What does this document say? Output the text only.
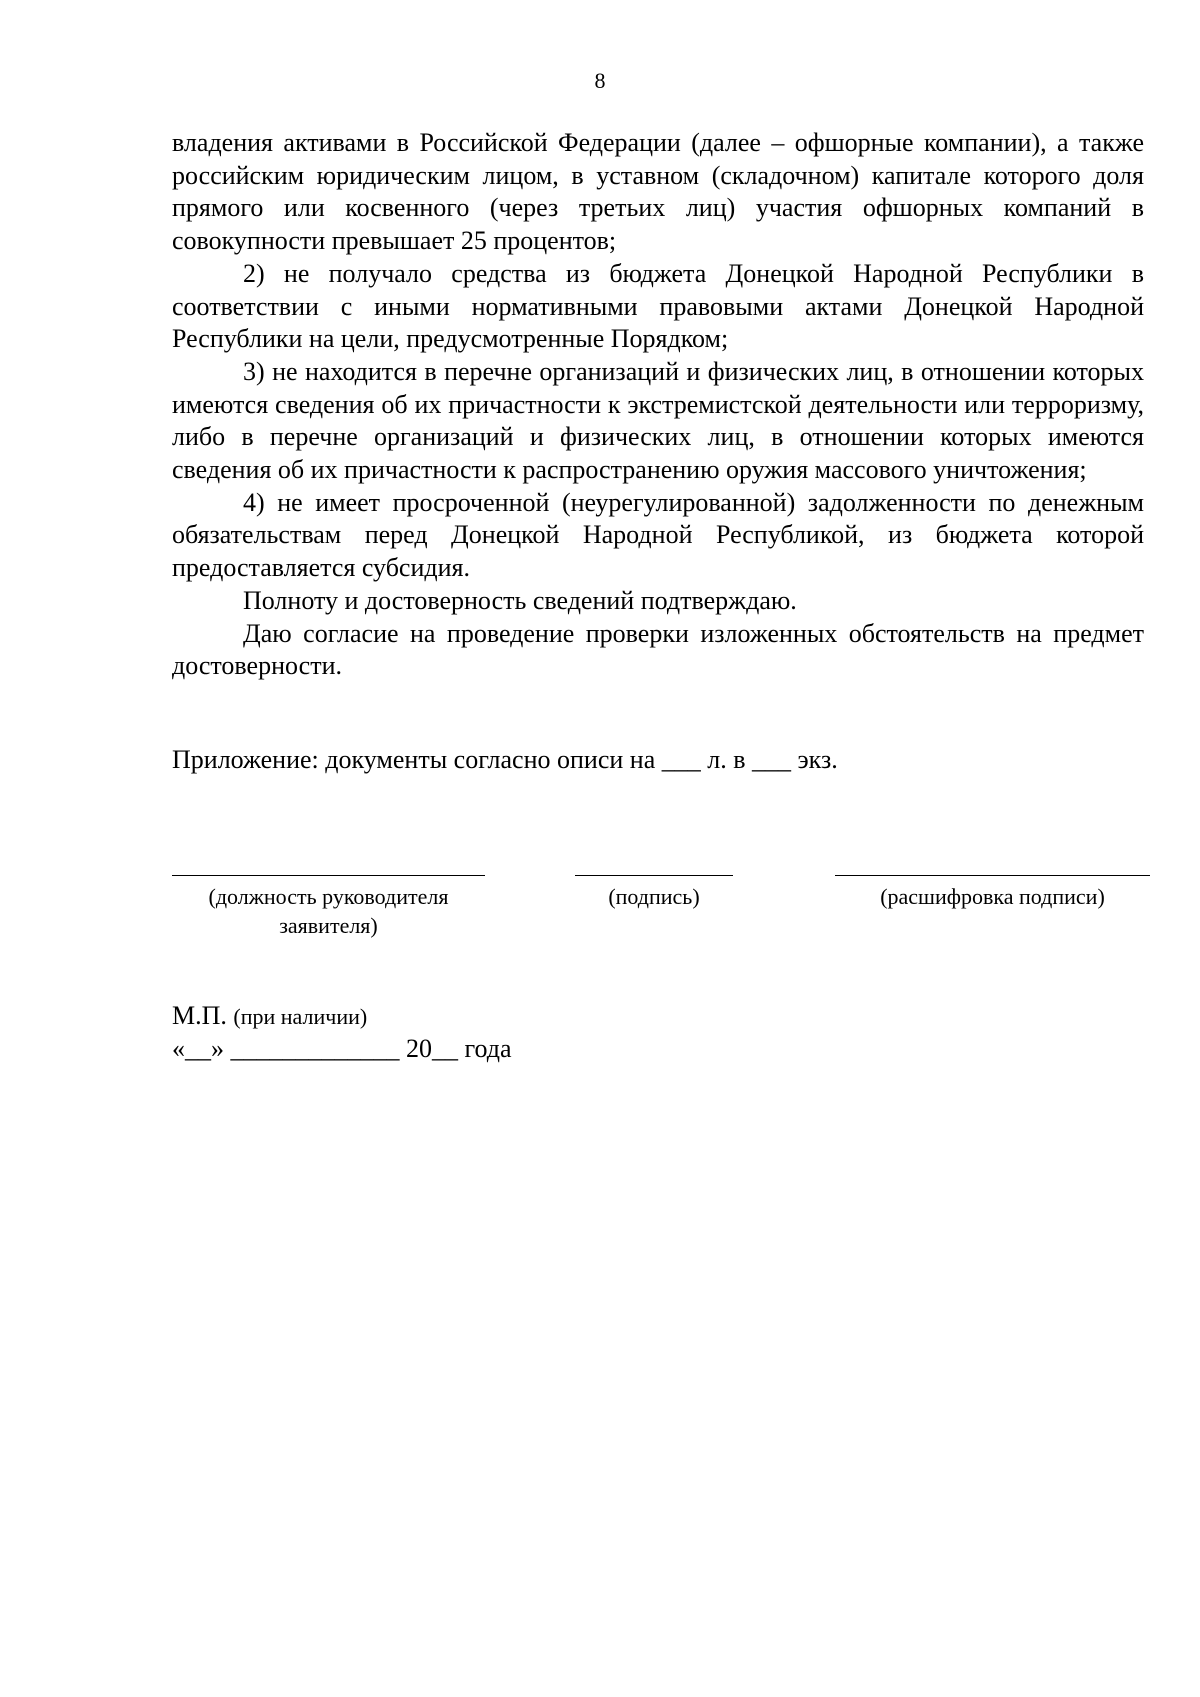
8

владения активами в Российской Федерации (далее – офшорные компании), а также российским юридическим лицом, в уставном (складочном) капитале которого доля прямого или косвенного (через третьих лиц) участия офшорных компаний в совокупности превышает 25 процентов;

2) не получало средства из бюджета Донецкой Народной Республики в соответствии с иными нормативными правовыми актами Донецкой Народной Республики на цели, предусмотренные Порядком;

3) не находится в перечне организаций и физических лиц, в отношении которых имеются сведения об их причастности к экстремистской деятельности или терроризму, либо в перечне организаций и физических лиц, в отношении которых имеются сведения об их причастности к распространению оружия массового уничтожения;

4) не имеет просроченной (неурегулированной) задолженности по денежным обязательствам перед Донецкой Народной Республикой, из бюджета которой предоставляется субсидия.

Полноту и достоверность сведений подтверждаю.

Даю согласие на проведение проверки изложенных обстоятельств на предмет достоверности.

Приложение: документы согласно описи на ___ л. в ___ экз.
(должность руководителя
заявителя)
(подпись)	(расшифровка подписи)
М.П. (при наличии)
«__» _____________ 20__ года
